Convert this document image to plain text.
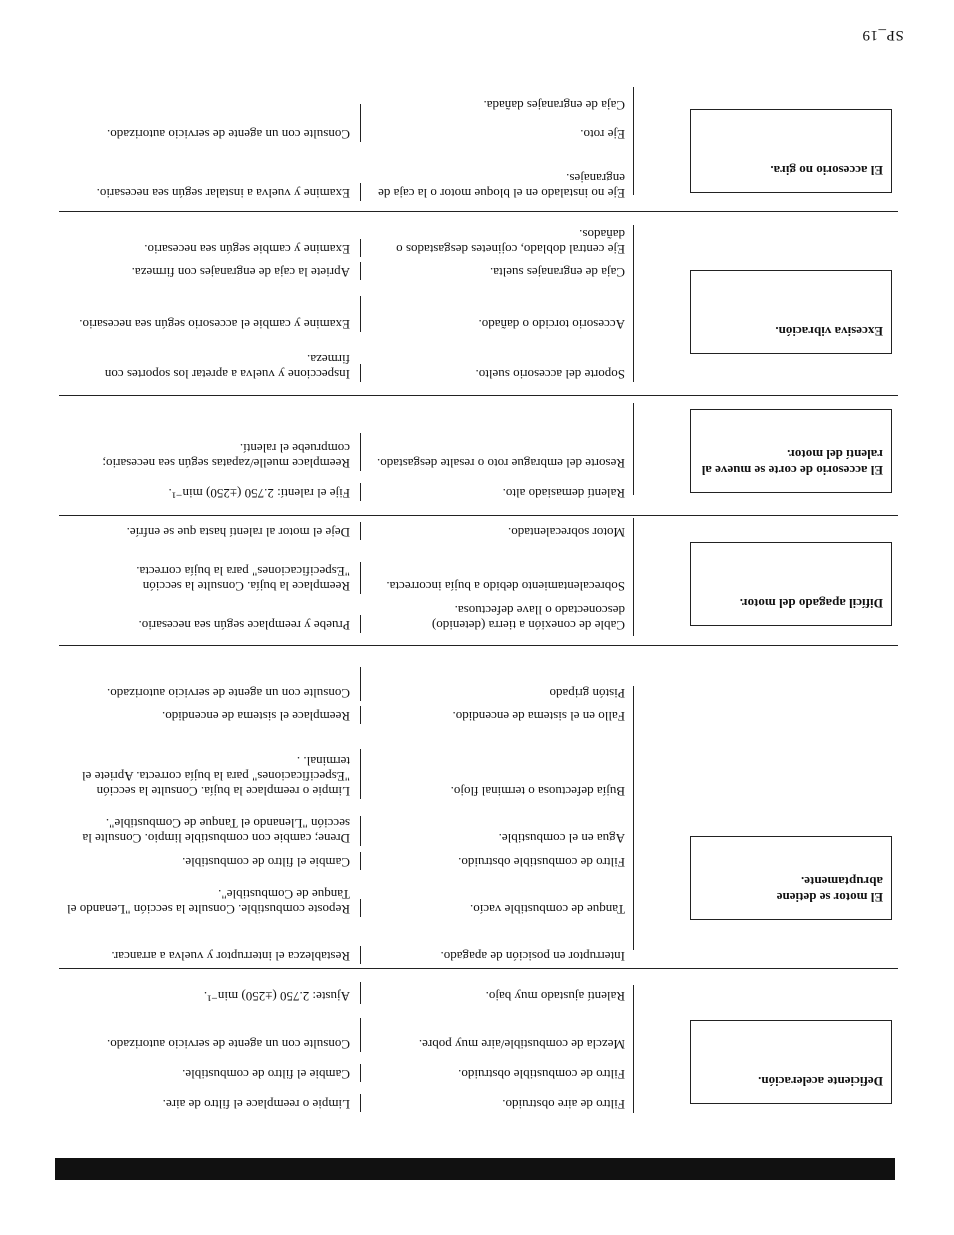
Deficiente aceleración.
Filtro de aire obstruido.
Limpie o reemplace el filtro de aire.
Filtro de combustible obstruido.
Cambie el filtro de combustible.
Mezcla de combustible/aire muy pobre.
Consulte con un agente de servicio autorizado.
Ralentí ajustado muy bajo.
Ajuste: 2.750 (±250) min⁻¹.
El motor se detiene abruptamente.
Interruptor en posición de apagado.
Restablezca el interruptor y vuelva a arrancar.
Tanque de combustible vacío.
Reposte combustible. Consulte la sección "Lenando el Tanque de Combustible".
Filtro de combustible obstruido.
Cambie el filtro de combustible.
Agua en el combustible.
Drene; cambie con combustible limpio. Consulte la sección "Llenando el Tanque de Combustible".
Bujía defectuosa o terminal flojo.
Limpie o reemplace la bujía. Consulte la sección "Especificaciones" para la bujía correcta. Apriete el terminal. .
Fallo en el sistema de encendido.
Reemplace el sistema de encendido.
Pistón gripado
Consulte con un agente de servicio autorizado.
Difícil apagado del motor.
Cable de conexión a tierra (detenido) desconectado o llave defectuosa.
Pruebe y reemplace según sea necesario.
Sobrecalentamiento debido a bujía incorrecta.
Reemplace la bujía. Consulte la sección "Especificaciones" para la bujía correcta.
Motor sobrecalentado.
Deje el motor al ralentí hasta que se enfríe.
El accesorio de corte se mueve al ralentí del motor.
Ralentí demasiado alto.
Fije el ralentí: 2.750 (±250) min⁻¹.
Resorte del embrague roto o resalte desgastado.
Reemplace muelle/zapatas según sea necesario; compruebe el ralentí.
Excesiva vibración.
Soporte del accesorio suelto.
Inspeccione y vuelva a apretar los soportes con firmeza.
Accesorio torcido o dañado.
Examine y cambie el accesorio según sea necesario.
Caja de engranajes suelta.
Apriete la caja de engranajes con firmeza.
Eje central doblado, cojinetes desgastados o dañados.
Examine y cambie según sea necesario.
El accesorio no gira.
Eje no instalado en el bloque motor o la caja de engranajes.
Examine y vuelva a instalar según sea necesario.
Eje roto.
Consulte con un agente de servicio autorizado.
Caja de engranajes dañada.
SP_19
